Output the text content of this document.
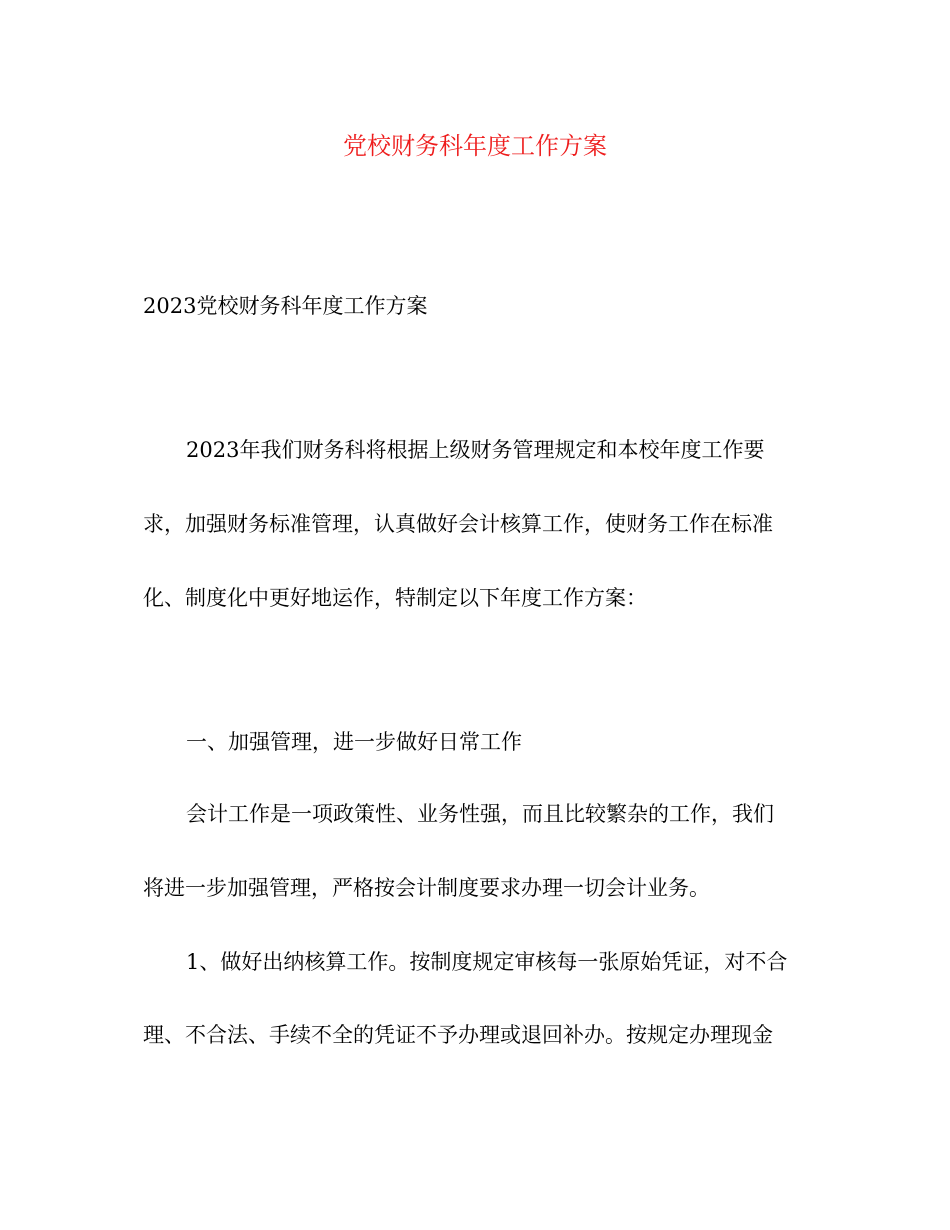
党校财务科年度工作方案
2023党校财务科年度工作方案
2023年我们财务科将根据上级财务管理规定和本校年度工作要
求，加强财务标准管理，认真做好会计核算工作，使财务工作在标准
化、制度化中更好地运作，特制定以下年度工作方案：
一、加强管理，进一步做好日常工作
会计工作是一项政策性、业务性强，而且比较繁杂的工作，我们
将进一步加强管理，严格按会计制度要求办理一切会计业务。
1、做好出纳核算工作。按制度规定审核每一张原始凭证，对不合
理、不合法、手续不全的凭证不予办理或退回补办。按规定办理现金
